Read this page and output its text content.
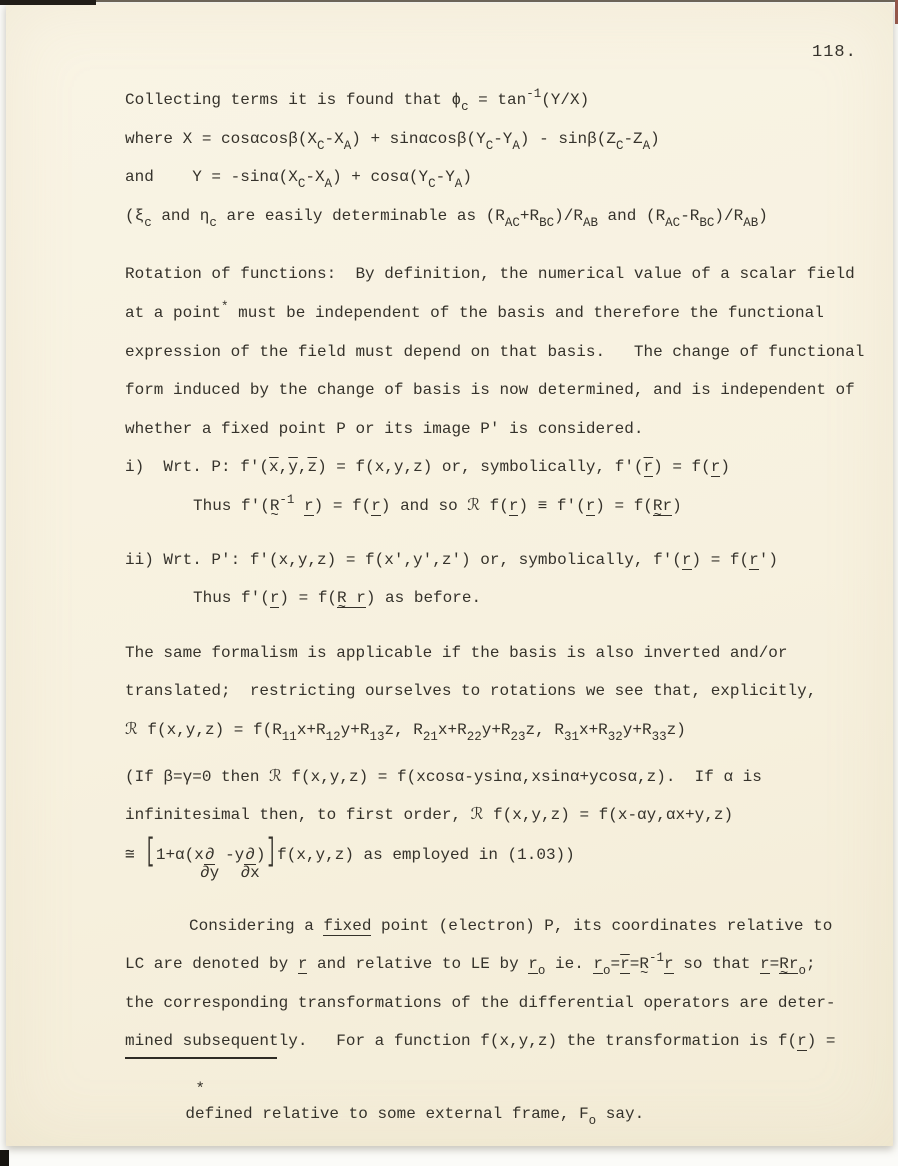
118.
Collecting terms it is found that $\phi_c = \tan^{-1}(Y/X)$
where $X = \cos\alpha\cos\beta(X_C-X_A) + \sin\alpha\cos\beta(Y_C-Y_A) - \sin\beta(Z_C-Z_A)$
and    $Y = -\sin\alpha(X_C-X_A) + \cos\alpha(Y_C-Y_A)$
($\xi_c$ and $\eta_c$ are easily determinable as $(R_{AC}+R_{BC})/R_{AB}$ and $(R_{AC}-R_{BC})/R_{AB}$)
Rotation of functions:  By definition, the numerical value of a scalar field
at a point* must be independent of the basis and therefore the functional
expression of the field must depend on that basis.   The change of functional
form induced by the change of basis is now determined, and is independent of
whether a fixed point P or its image P' is considered.
i)  Wrt. P: $f'(\overline{x},\overline{y},\overline{z}) = f(x,y,z)$ or, symbolically, $f'(\overline{r}) = f(r)$
Thus f'(R ~$^{-1}$ r) = f(r) and so ℛ f(r) ≡ f'(r) = f(R ~r)
ii) Wrt. P': f'(x,y,z) = f(x',y',z') or, symbolically, f'(r) = f(r')
Thus f'(r) = f(R ~ r) as before.
The same formalism is applicable if the basis is also inverted and/or
translated;  restricting ourselves to rotations we see that, explicitly,
ℛ $f(x,y,z) = f(R_{11}x+R_{12}y+R_{13}z$, $R_{21}x+R_{22}y+R_{23}z$, $R_{31}x+R_{32}y+R_{33}z$)
(If β=γ=0 then ℛ f(x,y,z) = f(xcosα-ysinα,xsinα+ycosα,z).  If α is
infinitesimal then, to first order, ℛ f(x,y,z) = f(x-αy,αx+y,z)
≅ [1+α(x∂
∂y
-y∂
∂x
)]f(x,y,z) as employed in (1.03))
Considering a fixed point (electron) P, its coordinates relative to
LC are denoted by r and relative to LE by $r_o$ ie. $r_o=\overline{r}=R$ ~$^{-1}$r so that r=R $\sim r_o$;
the corresponding transformations of the differential operators are deter-
mined subsequently.   For a function f(x,y,z) the transformation is f(r) =

*
defined relative to some external frame, $F_o$ say.
